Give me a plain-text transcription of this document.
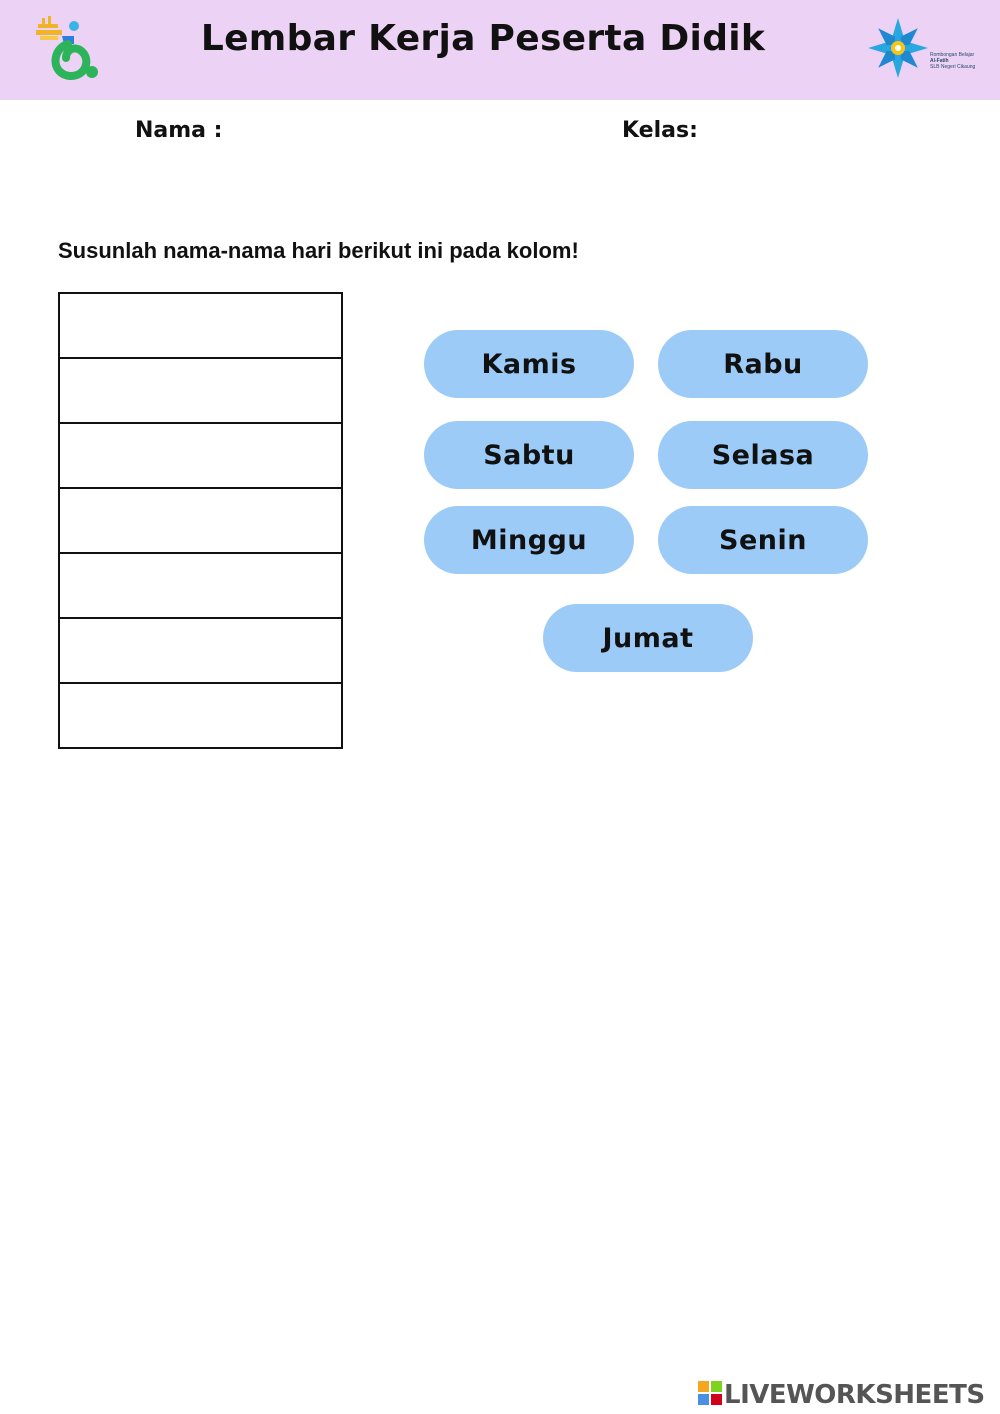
Lembar Kerja Peserta Didik	Rombongan Belajar
Al-Fatih
SLB Negeri Cikaung
Nama :	Kelas:
Susunlah nama-nama hari berikut ini pada kolom!
Kamis	Rabu
Sabtu	Selasa
Minggu	Senin
Jumat
LIVEWORKSHEETS
